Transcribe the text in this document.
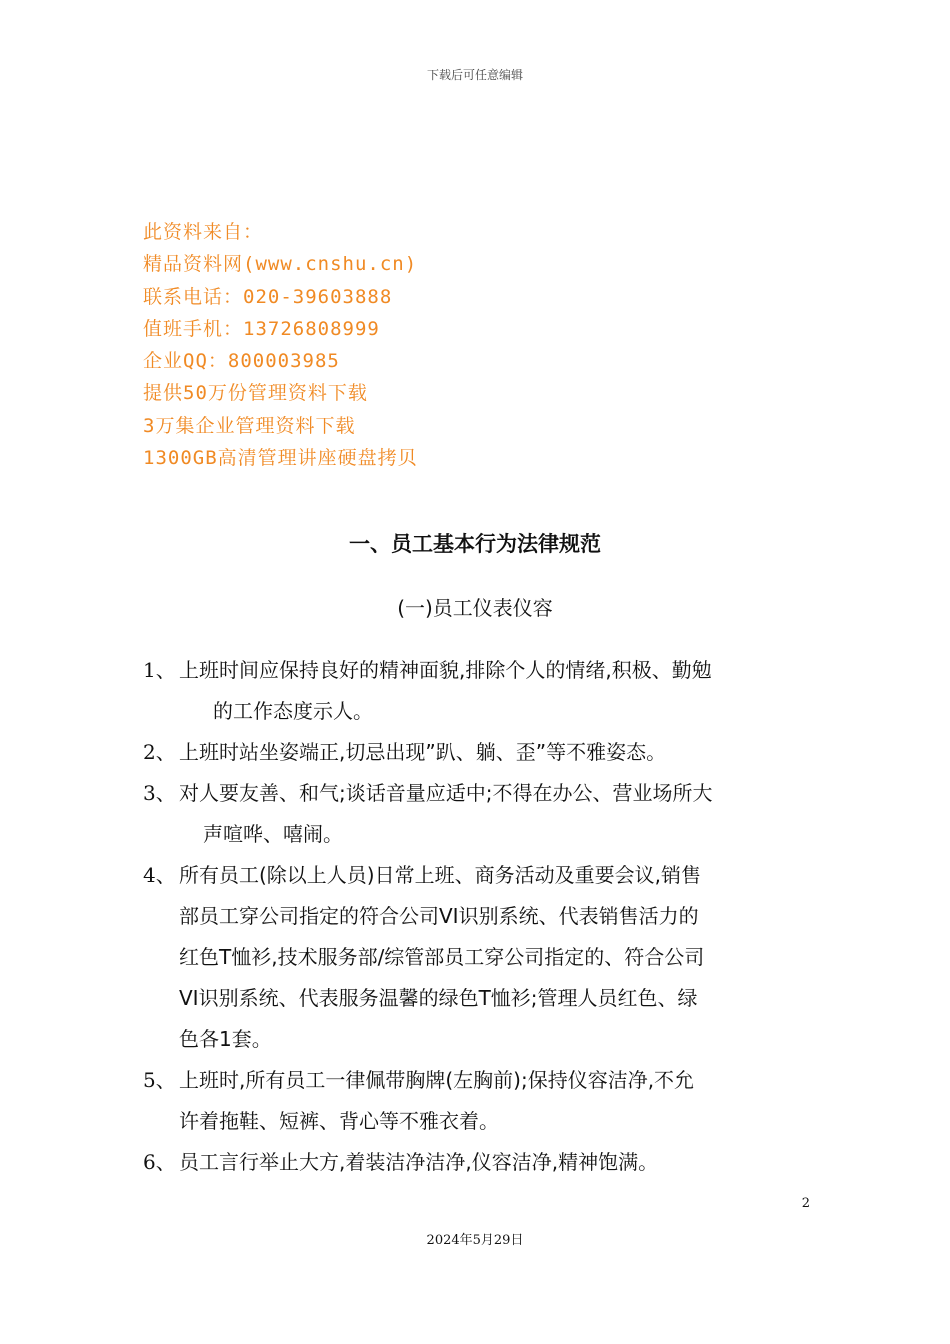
下载后可任意编辑
此资料来自：
精品资料网(www.cnshu.cn)
联系电话：020-39603888
值班手机：13726808999
企业QQ：800003985
提供50万份管理资料下载
3万集企业管理资料下载
1300GB高清管理讲座硬盘拷贝
一、员工基本行为法律规范
(一)员工仪表仪容
1、 上班时间应保持良好的精神面貌,排除个人的情绪,积极、勤勉
的工作态度示人。
2、 上班时站坐姿端正,切忌出现”趴、躺、歪”等不雅姿态。
3、 对人要友善、和气;谈话音量应适中;不得在办公、营业场所大
声喧哗、嘻闹。
4、 所有员工(除以上人员)日常上班、商务活动及重要会议,销售
部员工穿公司指定的符合公司VI识别系统、代表销售活力的
红色T恤衫,技术服务部/综管部员工穿公司指定的、符合公司
VI识别系统、代表服务温馨的绿色T恤衫;管理人员红色、绿
色各1套。
5、 上班时,所有员工一律佩带胸牌(左胸前);保持仪容洁净,不允
许着拖鞋、短裤、背心等不雅衣着。
6、 员工言行举止大方,着装洁净洁净,仪容洁净,精神饱满。
2
2024年5月29日
